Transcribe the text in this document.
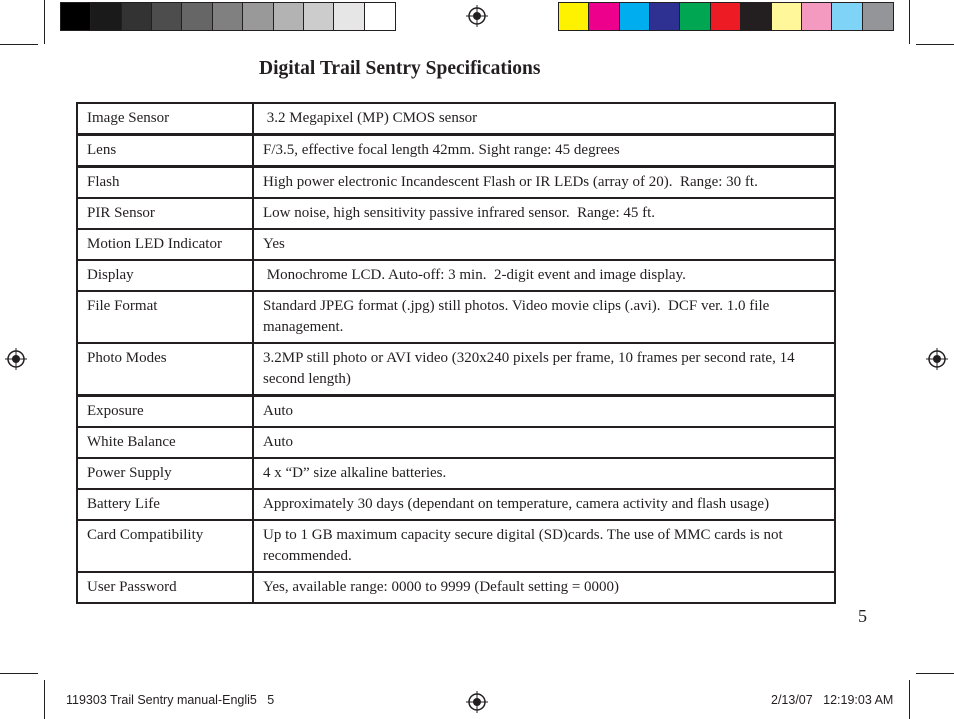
Digital Trail Sentry Specifications
Image Sensor	3.2 Megapixel (MP) CMOS sensor
Lens	F/3.5, effective focal length 42mm. Sight range: 45 degrees
Flash	High power electronic Incandescent Flash or IR LEDs (array of 20).  Range: 30 ft.
PIR Sensor	Low noise, high sensitivity passive infrared sensor.  Range: 45 ft.
Motion LED Indicator	Yes
Display	Monochrome LCD. Auto-off: 3 min.  2-digit event and image display.
File Format	Standard JPEG format (.jpg) still photos. Video movie clips (.avi).  DCF ver. 1.0 file management.
Photo Modes	3.2MP still photo or AVI video (320x240 pixels per frame, 10 frames per second rate, 14 second length)
Exposure	Auto
White Balance	Auto
Power Supply	4 x “D” size alkaline batteries.
Battery Life	Approximately 30 days (dependant on temperature, camera activity and flash usage)
Card Compatibility	Up to 1 GB maximum capacity secure digital (SD)cards. The use of MMC cards is not recommended.
User Password	Yes, available range: 0000 to 9999 (Default setting = 0000)
5
119303 Trail Sentry manual-Engli5   5	2/13/07   12:19:03 AM
